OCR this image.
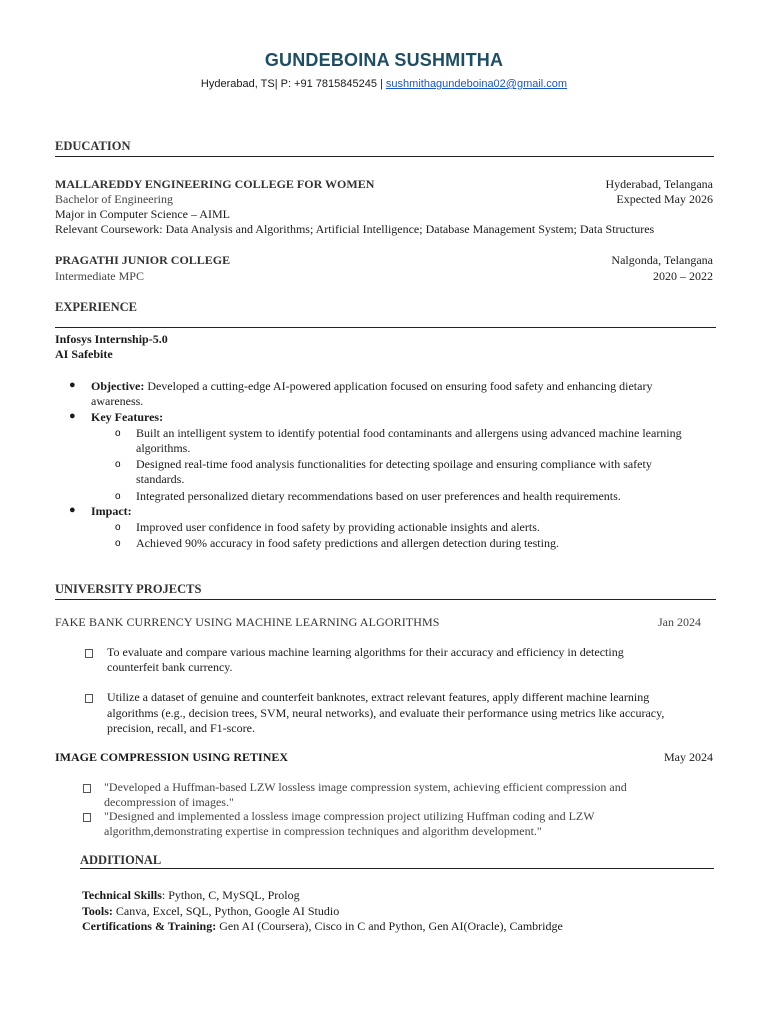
GUNDEBOINA SUSHMITHA
Hyderabad, TS| P: +91 7815845245 | sushmithagundeboina02@gmail.com
EDUCATION
MALLAREDDY ENGINEERING COLLEGE FOR WOMEN	Hyderabad, Telangana
Bachelor of Engineering	Expected May 2026
Major in Computer Science – AIML
Relevant Coursework: Data Analysis and Algorithms; Artificial Intelligence; Database Management System; Data Structures
PRAGATHI JUNIOR COLLEGE	Nalgonda, Telangana
Intermediate MPC	2020 – 2022
EXPERIENCE
Infosys Internship-5.0
AI Safebite
● Objective: Developed a cutting-edge AI-powered application focused on ensuring food safety and enhancing dietary
awareness.
● Key Features:
o Built an intelligent system to identify potential food contaminants and allergens using advanced machine learning
algorithms.
o Designed real-time food analysis functionalities for detecting spoilage and ensuring compliance with safety
standards.
o Integrated personalized dietary recommendations based on user preferences and health requirements.
● Impact:
o Improved user confidence in food safety by providing actionable insights and alerts.
o Achieved 90% accuracy in food safety predictions and allergen detection during testing.
UNIVERSITY PROJECTS
FAKE BANK CURRENCY USING MACHINE LEARNING ALGORITHMS	Jan 2024
To evaluate and compare various machine learning algorithms for their accuracy and efficiency in detecting
counterfeit bank currency.
Utilize a dataset of genuine and counterfeit banknotes, extract relevant features, apply different machine learning
algorithms (e.g., decision trees, SVM, neural networks), and evaluate their performance using metrics like accuracy,
precision, recall, and F1-score.
IMAGE COMPRESSION USING RETINEX	May 2024
"Developed a Huffman-based LZW lossless image compression system, achieving efficient compression and
decompression of images."
"Designed and implemented a lossless image compression project utilizing Huffman coding and LZW
algorithm,demonstrating expertise in compression techniques and algorithm development."
ADDITIONAL
Technical Skills: Python, C, MySQL, Prolog
Tools: Canva, Excel, SQL, Python, Google AI Studio
Certifications & Training: Gen AI (Coursera), Cisco in C and Python, Gen AI(Oracle), Cambridge
